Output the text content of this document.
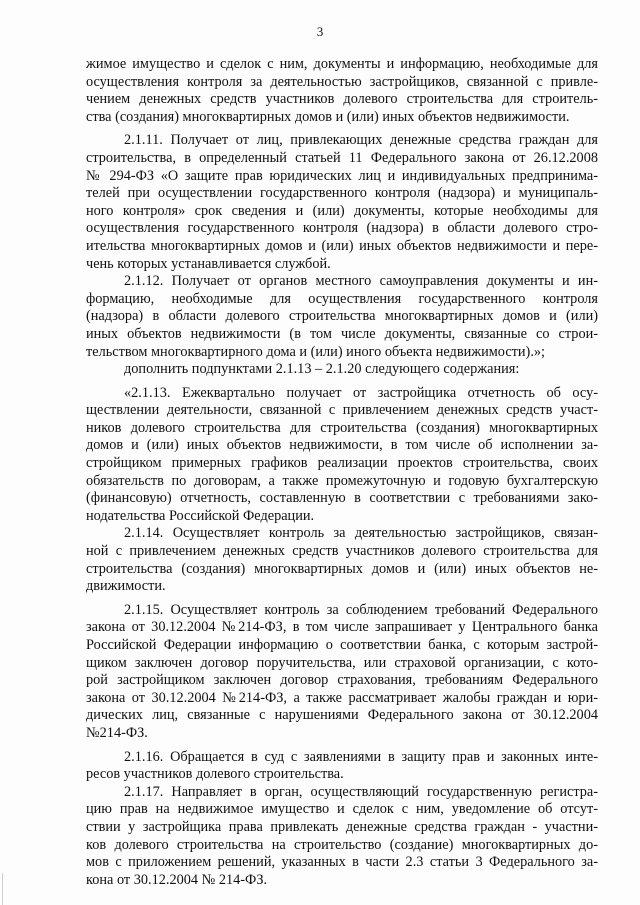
3

жимое имущество и сделок с ним, документы и информацию, необходимые для
осуществления контроля за деятельностью застройщиков, связанной с привле-
чением денежных средств участников долевого строительства для строитель-
ства (создания) многоквартирных домов и (или) иных объектов недвижимости.

2.1.11. Получает от лиц, привлекающих денежные средства граждан для
строительства, в определенный статьей 11 Федерального закона от 26.12.2008
№ 294-ФЗ «О защите прав юридических лиц и индивидуальных предпринима-
телей при осуществлении государственного контроля (надзора) и муниципаль-
ного контроля» срок сведения и (или) документы, которые необходимы для
осуществления государственного контроля (надзора) в области долевого стро-
ительства многоквартирных домов и (или) иных объектов недвижимости и пере-
чень которых устанавливается службой.

2.1.12. Получает от органов местного самоуправления документы и ин-
формацию, необходимые для осуществления государственного контроля
(надзора) в области долевого строительства многоквартирных домов и (или)
иных объектов недвижимости (в том числе документы, связанные со строи-
тельством многоквартирного дома и (или) иного объекта недвижимости).»;

дополнить подпунктами 2.1.13 – 2.1.20 следующего содержания:

«2.1.13. Ежеквартально получает от застройщика отчетность об осу-
ществлении деятельности, связанной с привлечением денежных средств участ-
ников долевого строительства для строительства (создания) многоквартирных
домов и (или) иных объектов недвижимости, в том числе об исполнении за-
стройщиком примерных графиков реализации проектов строительства, своих
обязательств по договорам, а также промежуточную и годовую бухгалтерскую
(финансовую) отчетность, составленную в соответствии с требованиями зако-
нодательства Российской Федерации.

2.1.14. Осуществляет контроль за деятельностью застройщиков, связан-
ной с привлечением денежных средств участников долевого строительства для
строительства (создания) многоквартирных домов и (или) иных объектов не-
движимости.

2.1.15. Осуществляет контроль за соблюдением требований Федерального
закона от 30.12.2004 №214-ФЗ, в том числе запрашивает у Центрального банка
Российской Федерации информацию о соответствии банка, с которым застрой-
щиком заключен договор поручительства, или страховой организации, с кото-
рой застройщиком заключен договор страхования, требованиям Федерального
закона от 30.12.2004 №214-ФЗ, а также рассматривает жалобы граждан и юри-
дических лиц, связанные с нарушениями Федерального закона от 30.12.2004
№214-ФЗ.

2.1.16. Обращается в суд с заявлениями в защиту прав и законных инте-
ресов участников долевого строительства.

2.1.17. Направляет в орган, осуществляющий государственную регистра-
цию прав на недвижимое имущество и сделок с ним, уведомление об отсут-
ствии у застройщика права привлекать денежные средства граждан - участни-
ков долевого строительства на строительство (создание) многоквартирных до-
мов с приложением решений, указанных в части 2.3 статьи 3 Федерального за-
кона от 30.12.2004 № 214-ФЗ.
